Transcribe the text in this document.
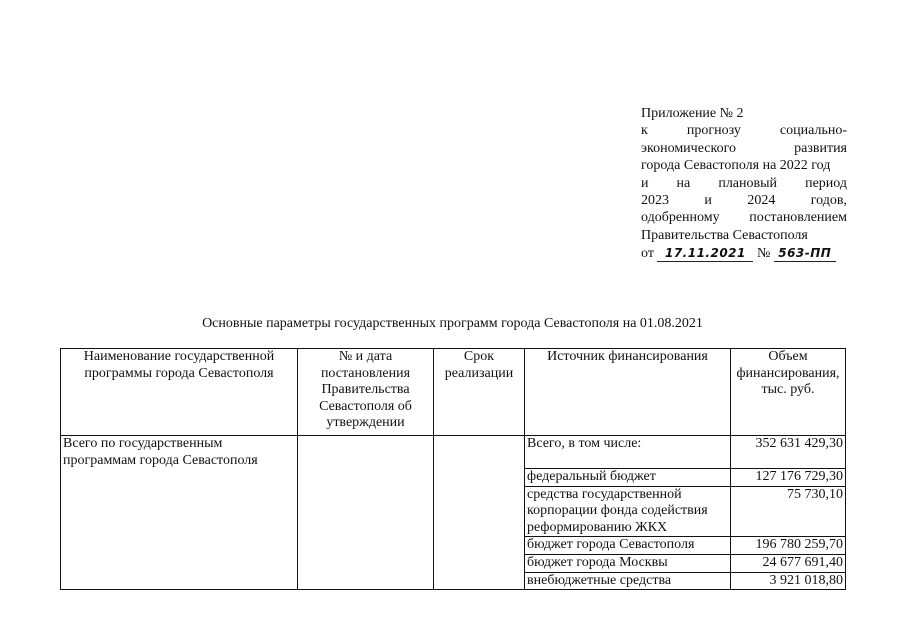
Приложение № 2
к прогнозу социально-
экономического развития
города Севастополя на 2022 год
и на плановый период
2023 и 2024 годов,
одобренному постановлением
Правительства Севастополя
от 17.11.2021 № 563-ПП
Основные параметры государственных программ города Севастополя на 01.08.2021
Наименование государственной программы города Севастополя	№ и дата постановления Правительства Севастополя об утверждении	Срок реализации	Источник финансирования	Объем финансирования, тыс. руб.
Всего по государственным программам города Севастополя			Всего, в том числе:	352 631 429,30
			федеральный бюджет	127 176 729,30
			средства государственной корпорации фонда содействия реформированию ЖКХ	75 730,10
			бюджет города Севастополя	196 780 259,70
			бюджет города Москвы	24 677 691,40
			внебюджетные средства	3 921 018,80
